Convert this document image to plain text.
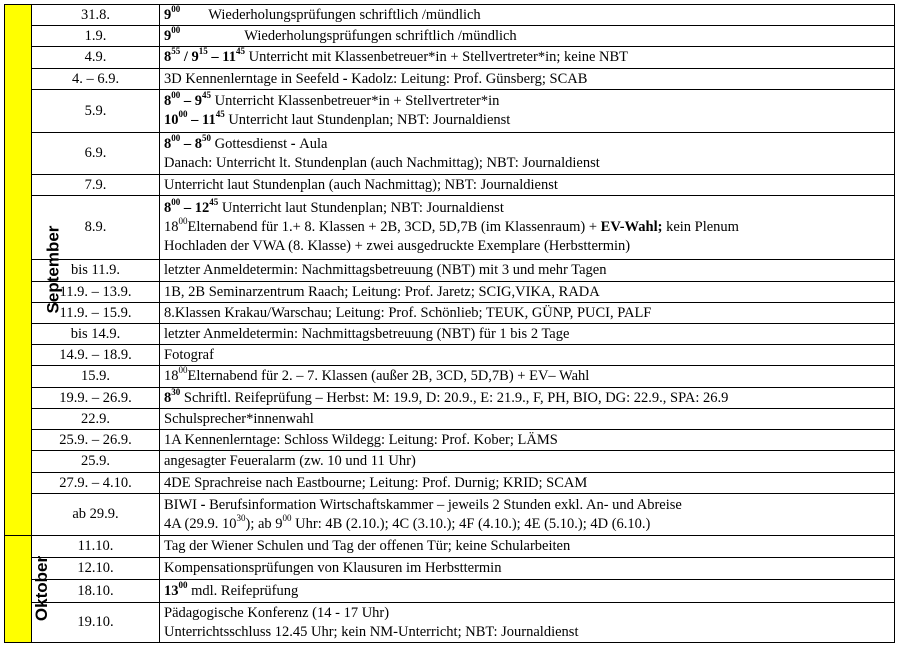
September	31.8.	$9^{00}$ Wiederholungsprüfungen schriftlich /mündlich
	1.9.	$9^{00}$ Wiederholungsprüfungen schriftlich /mündlich
	4.9.	$8^{55} / 9^{15} - 11^{45}$ Unterricht mit Klassenbetreuer*in + Stellvertreter*in; keine NBT
	4. – 6.9.	3D Kennenlerntage in Seefeld - Kadolz: Leitung: Prof. Günsberg; SCAB
	5.9.	$8^{00} - 9^{45}$ Unterricht Klassenbetreuer*in + Stellvertreter*in
$10^{00} - 11^{45}$ Unterricht laut Stundenplan; NBT: Journaldienst

	6.9.	$8^{00} - 8^{50}$ Gottesdienst - Aula
Danach: Unterricht lt. Stundenplan (auch Nachmittag); NBT: Journaldienst

	7.9.	Unterricht laut Stundenplan (auch Nachmittag); NBT: Journaldienst
	8.9.	$8^{00} - 12^{45}$ Unterricht laut Stundenplan; NBT: Journaldienst
$18^{00}Elternabend$ für 1.+ 8. Klassen + 2B, 3CD, 5D,7B (im Klassenraum) + EV-Wahl; kein Plenum
Hochladen der VWA (8. Klasse) + zwei ausgedruckte Exemplare (Herbsttermin)

	bis 11.9.	letzter Anmeldetermin: Nachmittagsbetreuung (NBT) mit 3 und mehr Tagen
	11.9. – 13.9.	1B, 2B Seminarzentrum Raach; Leitung: Prof. Jaretz; SCIG,VIKA, RADA
	11.9. – 15.9.	8.Klassen Krakau/Warschau; Leitung: Prof. Schönlieb; TEUK, GÜNP, PUCI, PALF
	bis 14.9.	letzter Anmeldetermin: Nachmittagsbetreuung (NBT) für 1 bis 2 Tage
	14.9. – 18.9.	Fotograf
	15.9.	$18^{00}Elternabend$ für 2. – 7. Klassen (außer 2B, 3CD, 5D,7B) + EV– Wahl
	19.9. – 26.9.	$8^{30}$ Schriftl. Reifeprüfung – Herbst: M: 19.9, D: 20.9., E: 21.9., F, PH, BIO, DG: 22.9., SPA: 26.9
	22.9.	Schulsprecher*innenwahl
	25.9. – 26.9.	1A Kennenlerntage: Schloss Wildegg: Leitung: Prof. Kober; LÄMS
	25.9.	angesagter Feueralarm (zw. 10 und 11 Uhr)
	27.9. – 4.10.	4DE Sprachreise nach Eastbourne; Leitung: Prof. Durnig; KRID; SCAM
	ab 29.9.	BIWI - Berufsinformation Wirtschaftskammer – jeweils 2 Stunden exkl. An- und Abreise
4A (29.9. $10^{30}$); ab $9^{00}$ Uhr: 4B (2.10.); 4C (3.10.); 4F (4.10.); 4E (5.10.); 4D (6.10.)

Oktober	11.10.	Tag der Wiener Schulen und Tag der offenen Tür; keine Schularbeiten
	12.10.	Kompensationsprüfungen von Klausuren im Herbsttermin
	18.10.	$13^{00}$ mdl. Reifeprüfung
	19.10.	Pädagogische Konferenz (14 - 17 Uhr)
Unterrichtsschluss 12.45 Uhr; kein NM-Unterricht; NBT: Journaldienst
